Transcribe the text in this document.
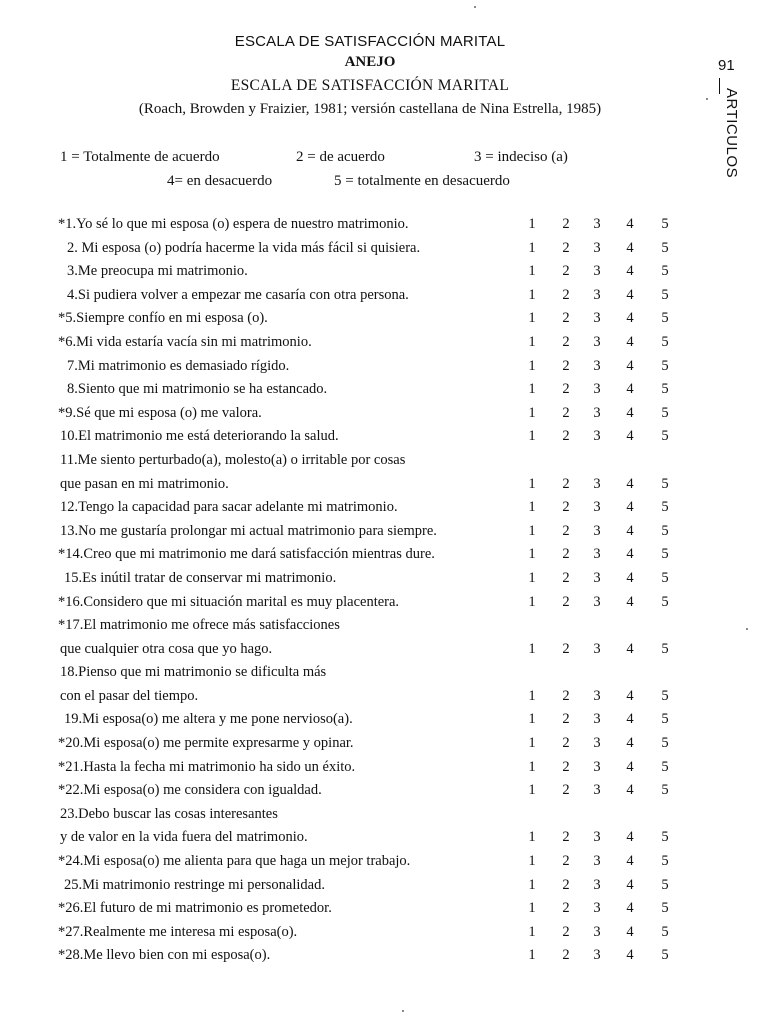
ESCALA DE SATISFACCIÓN MARITAL
ANEJO
ESCALA DE SATISFACCIÓN MARITAL
(Roach, Browden y Fraizier, 1981; versión castellana de Nina Estrella, 1985)
91
ARTICULOS
1 = Totalmente de acuerdo	2 = de acuerdo	3 = indeciso (a)
4= en desacuerdo	5 = totalmente en desacuerdo
*1.Yo sé lo que mi esposa (o) espera de nuestro matrimonio.	1	2	3	4	5
2. Mi esposa (o) podría hacerme la vida más fácil si quisiera.	1	2	3	4	5
3.Me preocupa mi matrimonio.	1	2	3	4	5
4.Si pudiera volver a empezar me casaría con otra persona.	1	2	3	4	5
*5.Siempre confío en mi esposa (o).	1	2	3	4	5
*6.Mi vida estaría vacía sin mi matrimonio.	1	2	3	4	5
7.Mi matrimonio es demasiado rígido.	1	2	3	4	5
8.Siento que mi matrimonio se ha estancado.	1	2	3	4	5
*9.Sé que mi esposa (o) me valora.	1	2	3	4	5
10.El matrimonio me está deteriorando la salud.	1	2	3	4	5
11.Me siento perturbado(a), molesto(a) o irritable por cosas
que pasan en mi matrimonio.	1	2	3	4	5
12.Tengo la capacidad para sacar adelante mi matrimonio.	1	2	3	4	5
13.No me gustaría prolongar mi actual matrimonio para siempre.	1	2	3	4	5
*14.Creo que mi matrimonio me dará satisfacción mientras dure.	1	2	3	4	5
15.Es inútil tratar de conservar mi matrimonio.	1	2	3	4	5
*16.Considero que mi situación marital es muy placentera.	1	2	3	4	5
*17.El matrimonio me ofrece más satisfacciones
que cualquier otra cosa que yo hago.	1	2	3	4	5
18.Pienso que mi matrimonio se dificulta más
con el pasar del tiempo.	1	2	3	4	5
19.Mi esposa(o) me altera y me pone nervioso(a).	1	2	3	4	5
*20.Mi esposa(o) me permite expresarme y opinar.	1	2	3	4	5
*21.Hasta la fecha mi matrimonio ha sido un éxito.	1	2	3	4	5
*22.Mi esposa(o) me considera con igualdad.	1	2	3	4	5
23.Debo buscar las cosas interesantes
y de valor en la vida fuera del matrimonio.	1	2	3	4	5
*24.Mi esposa(o) me alienta para que haga un mejor trabajo.	1	2	3	4	5
25.Mi matrimonio restringe mi personalidad.	1	2	3	4	5
*26.El futuro de mi matrimonio es prometedor.	1	2	3	4	5
*27.Realmente me interesa mi esposa(o).	1	2	3	4	5
*28.Me llevo bien con mi esposa(o).	1	2	3	4	5
